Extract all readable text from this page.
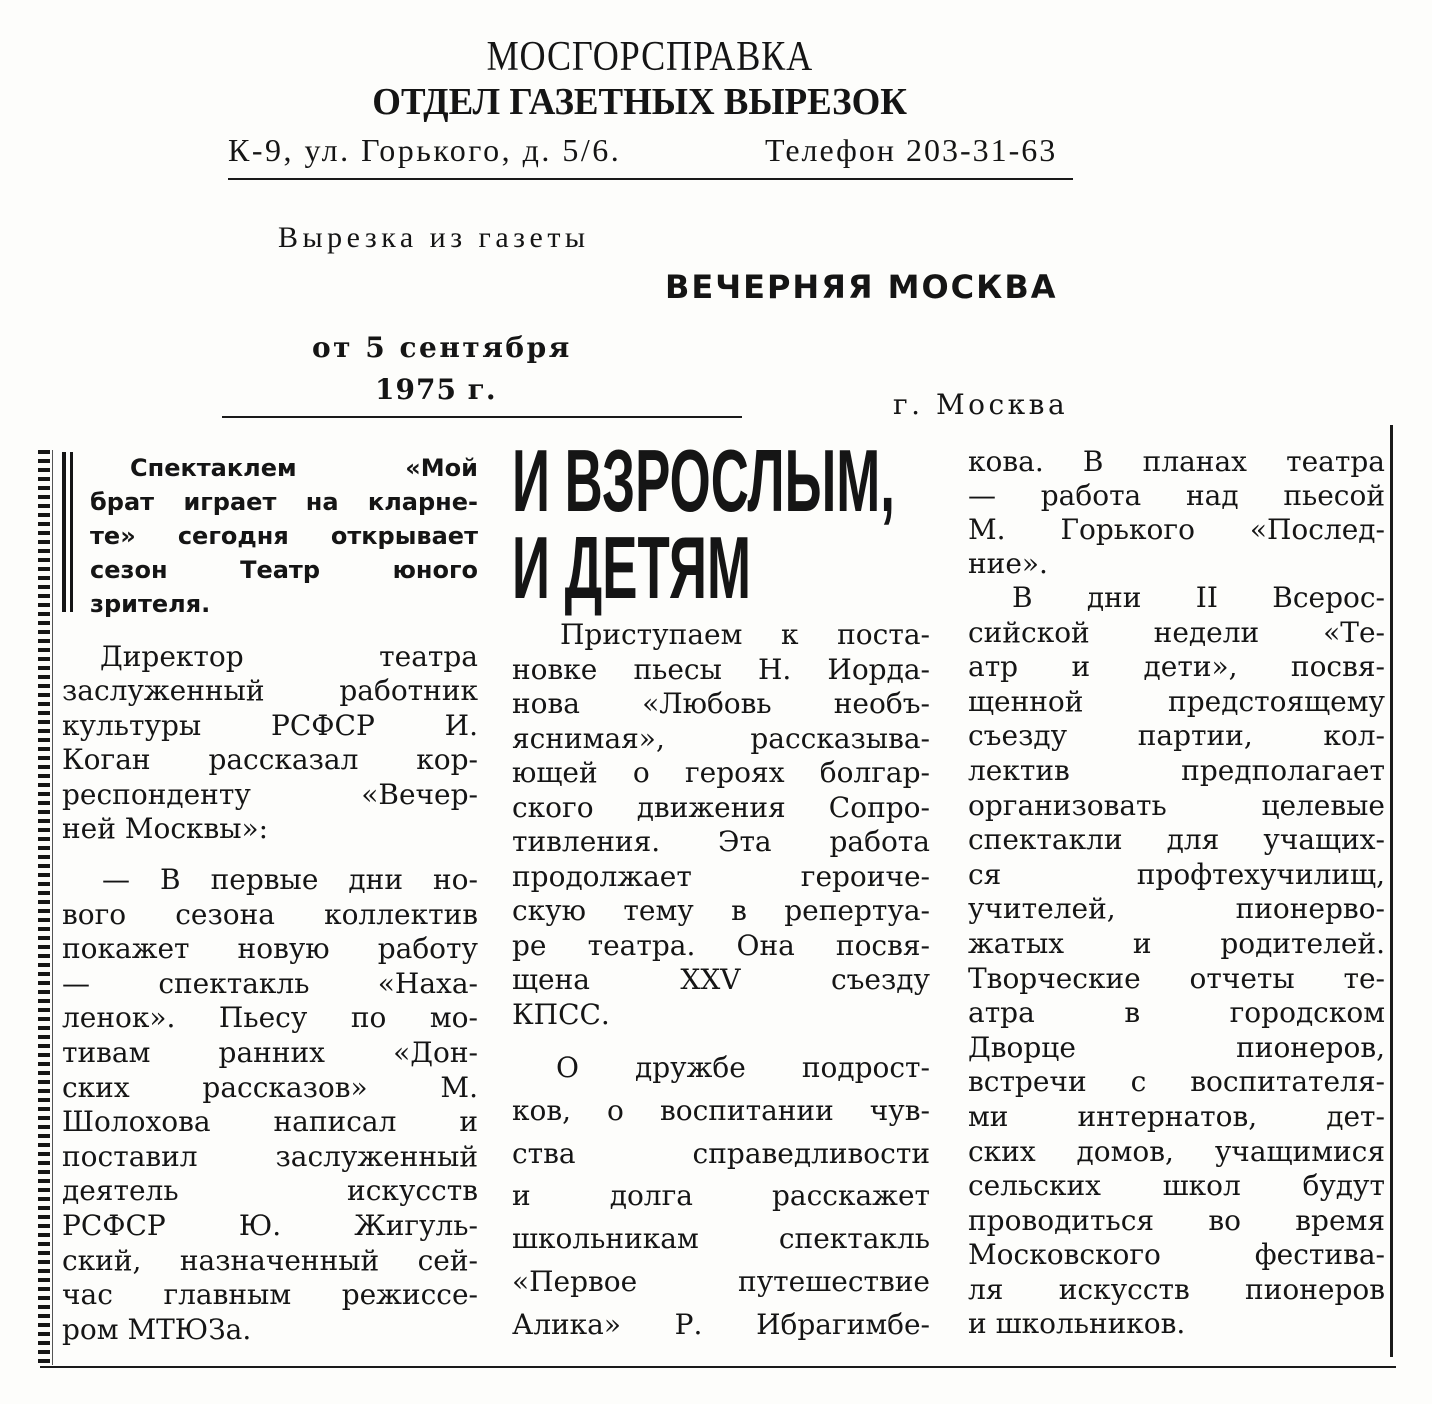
МОСГОРСПРАВКА
ОТДЕЛ ГАЗЕТНЫХ ВЫРЕЗОК
К-9, ул. Горького, д. 5/6.	Телефон 203-31-63
Вырезка из газеты
ВЕЧЕРНЯЯ МОСКВА
от 5 сентября
1975 г.	г. Москва
Спектаклем «Мой
брат играет на кларне-
те» сегодня открывает
сезон Театр юного
зрителя.
И ВЗРОСЛЫМ,
И ДЕТЯМ
Директор театра
заслуженный работник
культуры РСФСР И.
Коган рассказал кор-
респонденту «Вечер-
ней Москвы»:
— В первые дни но-
вого сезона коллектив
покажет новую работу
— спектакль «Наха-
ленок». Пьесу по мо-
тивам ранних «Дон-
ских рассказов» М.
Шолохова написал и
поставил заслуженный
деятель искусств
РСФСР Ю. Жигуль-
ский, назначенный сей-
час главным режиссе-
ром МТЮЗа.
Приступаем к поста-
новке пьесы Н. Иорда-
нова «Любовь необъ-
яснимая», рассказыва-
ющей о героях болгар-
ского движения Сопро-
тивления. Эта работа
продолжает героиче-
скую тему в репертуа-
ре театра. Она посвя-
щена XXV съезду
КПСС.
О дружбе подрост-
ков, о воспитании чув-
ства справедливости
и долга расскажет
школьникам спектакль
«Первое путешествие
Алика» Р. Ибрагимбе-
кова. В планах театра
— работа над пьесой
М. Горького «Послед-
ние».
В дни II Всерос-
сийской недели «Те-
атр и дети», посвя-
щенной предстоящему
съезду партии, кол-
лектив предполагает
организовать целевые
спектакли для учащих-
ся профтехучилищ,
учителей, пионерво-
жатых и родителей.
Творческие отчеты те-
атра в городском
Дворце пионеров,
встречи с воспитателя-
ми интернатов, дет-
ских домов, учащимися
сельских школ будут
проводиться во время
Московского фестива-
ля искусств пионеров
и школьников.
